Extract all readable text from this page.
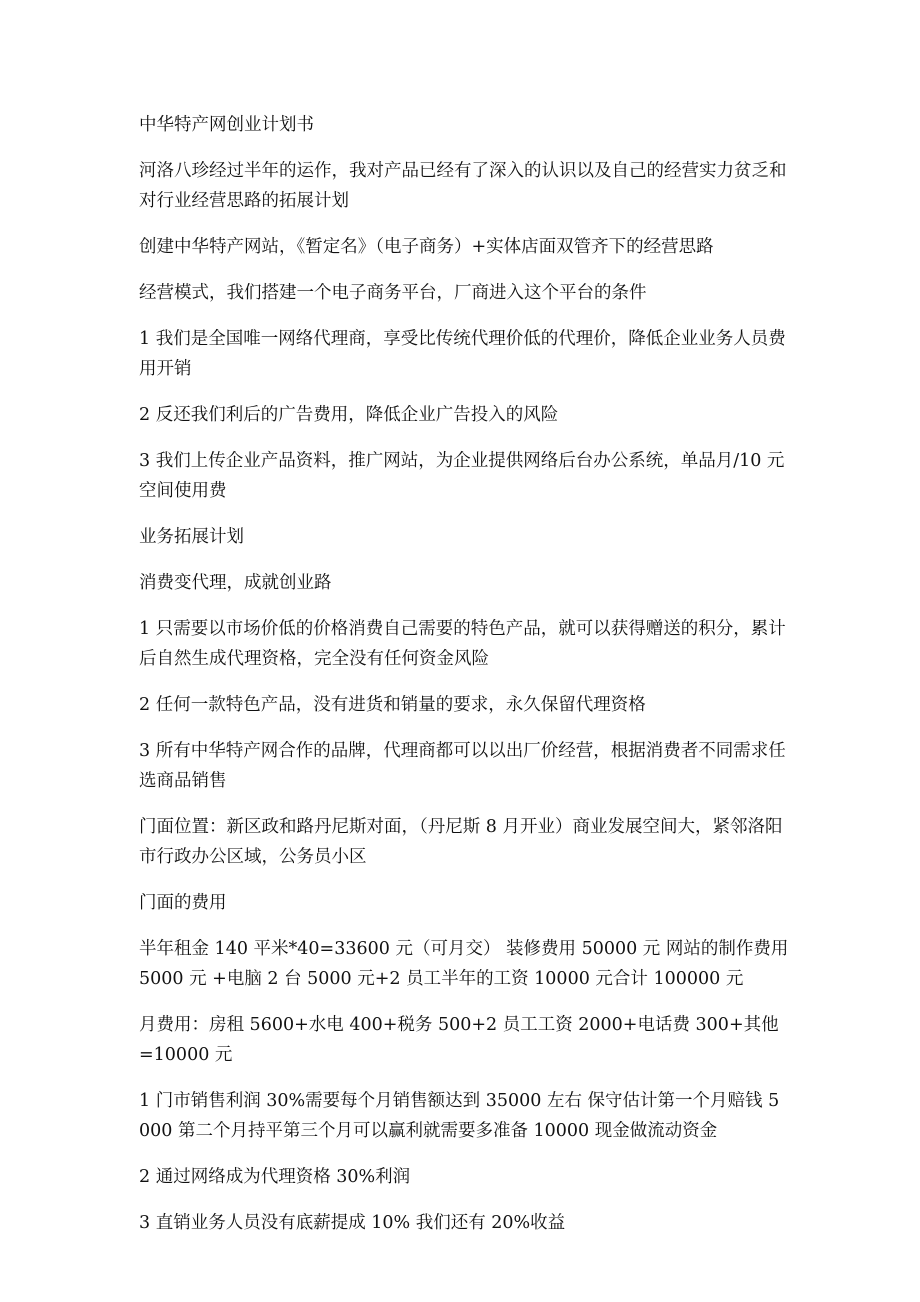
中华特产网创业计划书

河洛八珍经过半年的运作，我对产品已经有了深入的认识以及自己的经营实力贫乏和对行业经营思路的拓展计划

创建中华特产网站，《暂定名》（电子商务）+实体店面双管齐下的经营思路

经营模式，我们搭建一个电子商务平台，厂商进入这个平台的条件

1 我们是全国唯一网络代理商，享受比传统代理价低的代理价，降低企业业务人员费用开销

2 反还我们利后的广告费用，降低企业广告投入的风险

3 我们上传企业产品资料，推广网站，为企业提供网络后台办公系统，单品月/10 元空间使用费

业务拓展计划

消费变代理，成就创业路

1 只需要以市场价低的价格消费自己需要的特色产品，就可以获得赠送的积分，累计后自然生成代理资格，完全没有任何资金风险

2 任何一款特色产品，没有进货和销量的要求，永久保留代理资格

3 所有中华特产网合作的品牌，代理商都可以以出厂价经营，根据消费者不同需求任选商品销售

门面位置：新区政和路丹尼斯对面，（丹尼斯 8 月开业）商业发展空间大，紧邻洛阳市行政办公区域，公务员小区

门面的费用

半年租金 140 平米*40=33600 元（可月交） 装修费用 50000 元 网站的制作费用 5000 元 +电脑 2 台 5000 元+2 员工半年的工资 10000 元合计 100000 元

月费用：房租 5600+水电 400+税务 500+2 员工工资 2000+电话费 300+其他=10000 元

1 门市销售利润 30%需要每个月销售额达到 35000 左右 保守估计第一个月赔钱 5000 第二个月持平第三个月可以赢利就需要多准备 10000 现金做流动资金

2 通过网络成为代理资格 30%利润

3 直销业务人员没有底薪提成 10% 我们还有 20%收益
